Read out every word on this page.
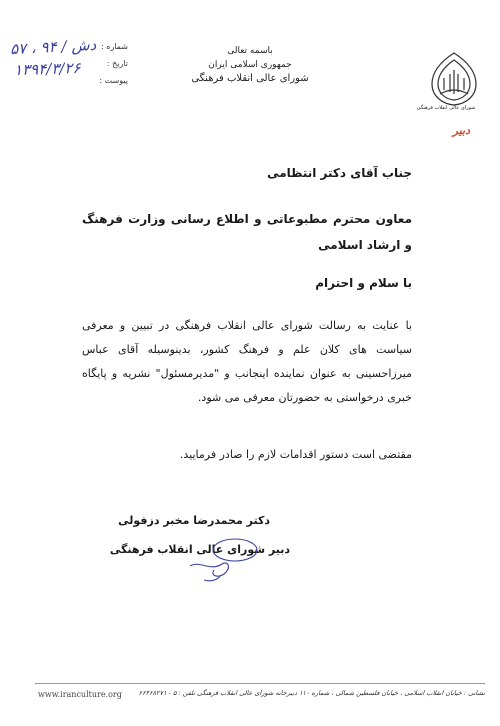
شورای عالی انقلاب فرهنگی
دبیر
باسمه تعالی
جمهوری اسلامی ایران
شورای عالی انقلاب فرهنگی
شماره :
تاریخ :
پیوست :
۵۷ ، ۹۴ / دش
۱۳۹۴/۳/۲۶
جناب آقای دکتر انتظامی
معاون محترم مطبوعاتی و اطلاع رسانی وزارت فرهنگ و ارشاد اسلامی
با سلام و احترام
با عنایت به رسالت شورای عالی انقلاب فرهنگی در تبیین و معرفی سیاست های کلان علم و فرهنگ کشور، بدینوسیله آقای عباس میرزاحسینی به عنوان نماینده اینجانب و "مدیرمسئول" نشریه و پایگاه خبری درخواستی به حضورتان معرفی می شود.
مقتضی است دستور اقدامات لازم را صادر فرمایید.
دکتر محمدرضا مخبر دزفولی
دبیر شورای عالی انقلاب فرهنگی
www.iranculture.org	نشانی : خیابان انقلاب اسلامی ، خیابان فلسطین شمالی ، شماره ۱۱۰ دبیرخانه شورای عالی انقلاب فرهنگی تلفن : ۵ - ۶۶۴۶۸۲۷۱
